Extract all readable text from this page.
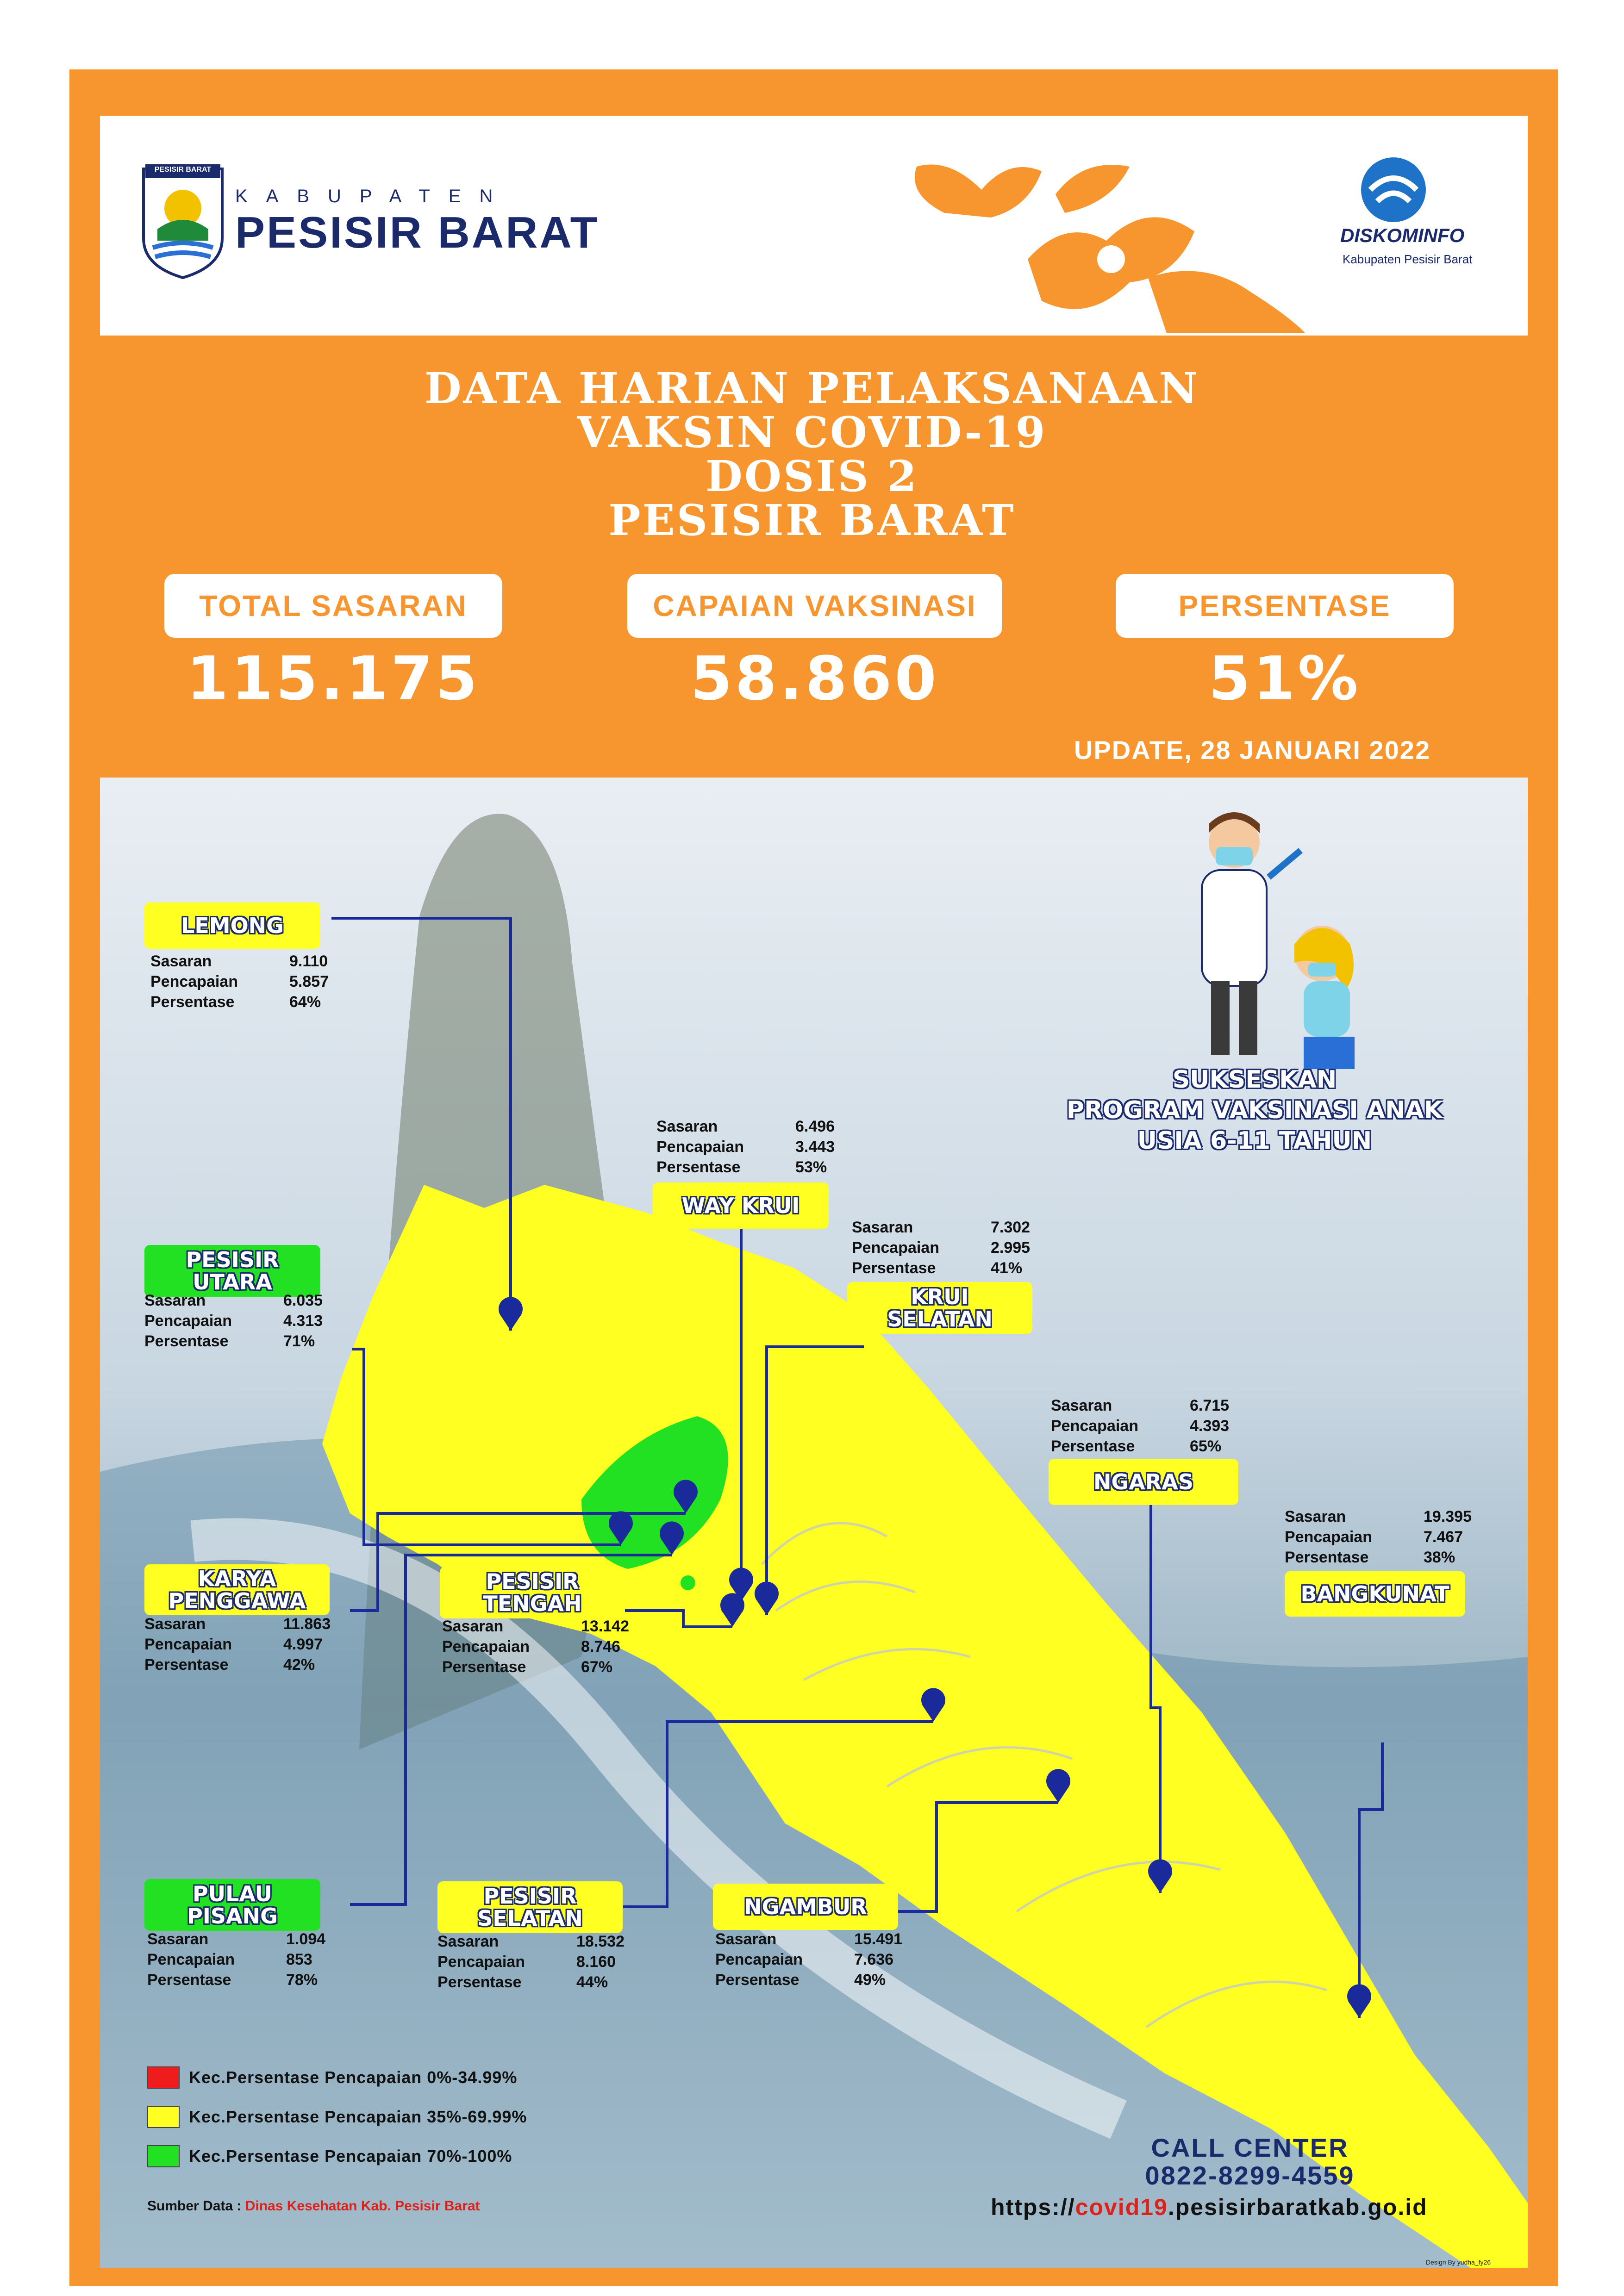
PESISIR BARAT
KABUPATEN
PESISIR BARAT	DISKOMINFO
Kabupaten Pesisir Barat
DATA HARIAN PELAKSANAAN
VAKSIN COVID-19
DOSIS 2
PESISIR BARAT
TOTAL SASARAN
115.175
CAPAIAN VAKSINASI
58.860
PERSENTASE
51%
UPDATE, 28 JANUARI 2022
SUKSESKAN
PROGRAM VAKSINASI ANAK
USIA 6-11 TAHUN
LEMONG
Sasaran	9.110
Pencapaian	5.857
Persentase	64%
Sasaran	6.496
Pencapaian	3.443
Persentase	53%
WAY KRUI
Sasaran	7.302
Pencapaian	2.995
Persentase	41%
KRUI
SELATAN
PESISIR
UTARA
Sasaran	6.035
Pencapaian	4.313
Persentase	71%
Sasaran	6.715
Pencapaian	4.393
Persentase	65%
NGARAS
Sasaran	19.395
Pencapaian	7.467
Persentase	38%
BANGKUNAT
KARYA
PENGGAWA
Sasaran	11.863
Pencapaian	4.997
Persentase	42%
PESISIR
TENGAH
Sasaran	13.142
Pencapaian	8.746
Persentase	67%
PULAU
PISANG
Sasaran	1.094
Pencapaian	853
Persentase	78%
PESISIR
SELATAN
Sasaran	18.532
Pencapaian	8.160
Persentase	44%
NGAMBUR
Sasaran	15.491
Pencapaian	7.636
Persentase	49%
Kec.Persentase Pencapaian 0%-34.99%
Kec.Persentase Pencapaian 35%-69.99%
Kec.Persentase Pencapaian 70%-100%
Sumber Data : Dinas Kesehatan Kab. Pesisir Barat
CALL CENTER
0822-8299-4559
https://covid19.pesisirbaratkab.go.id
Design By yudha_fy26
